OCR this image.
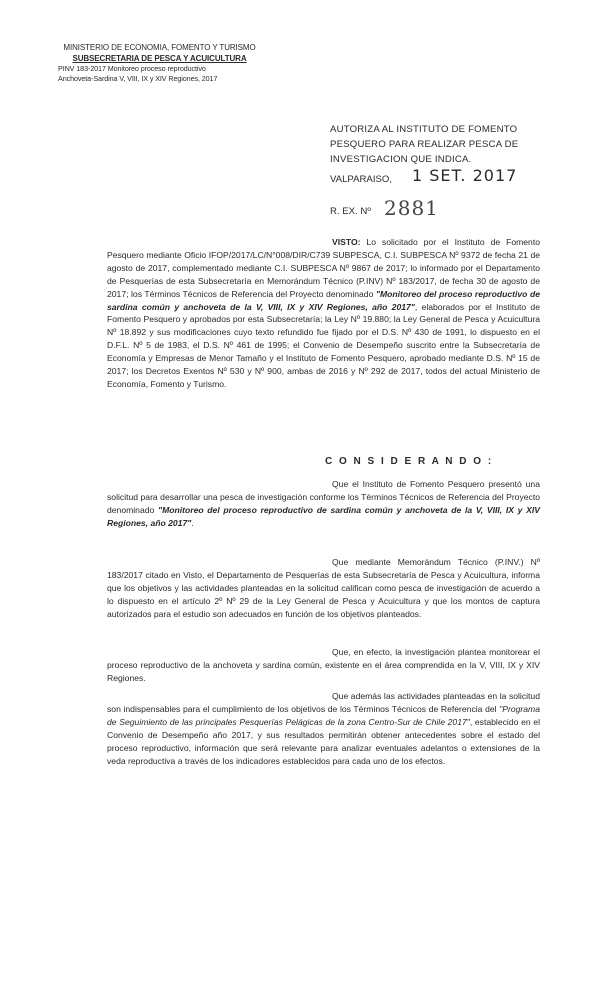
MINISTERIO DE ECONOMIA, FOMENTO Y TURISMO
SUBSECRETARIA DE PESCA Y ACUICULTURA
PINV 183-2017 Monitoreo proceso reproductivo
Anchoveta-Sardina V, VIII, IX y XIV Regiones, 2017
AUTORIZA AL INSTITUTO DE FOMENTO PESQUERO PARA REALIZAR PESCA DE INVESTIGACION QUE INDICA.
VALPARAISO, 1 SET. 2017
R. EX. Nº 2881

VISTO: Lo solicitado por el Instituto de Fomento Pesquero mediante Oficio IFOP/2017/LC/N°008/DIR/C739 SUBPESCA, C.I. SUBPESCA Nº 9372 de fecha 21 de agosto de 2017, complementado mediante C.I. SUBPESCA Nº 9867 de 2017; lo informado por el Departamento de Pesquerías de esta Subsecretaría en Memorándum Técnico (P.INV) Nº 183/2017, de fecha 30 de agosto de 2017; los Términos Técnicos de Referencia del Proyecto denominado "Monitoreo del proceso reproductivo de sardina común y anchoveta de la V, VIII, IX y XIV Regiones, año 2017", elaborados por el Instituto de Fomento Pesquero y aprobados por esta Subsecretaría; la Ley Nº 19.880; la Ley General de Pesca y Acuicultura Nº 18.892 y sus modificaciones cuyo texto refundido fue fijado por el D.S. Nº 430 de 1991, lo dispuesto en el D.F.L. Nº 5 de 1983, el D.S. Nº 461 de 1995; el Convenio de Desempeño suscrito entre la Subsecretaría de Economía y Empresas de Menor Tamaño y el Instituto de Fomento Pesquero, aprobado mediante D.S. Nº 15 de 2017; los Decretos Exentos Nº 530 y Nº 900, ambas de 2016 y Nº 292 de 2017, todos del actual Ministerio de Economía, Fomento y Turismo.

C O N S I D E R A N D O :

Que el Instituto de Fomento Pesquero presentó una solicitud para desarrollar una pesca de investigación conforme los Términos Técnicos de Referencia del Proyecto denominado "Monitoreo del proceso reproductivo de sardina común y anchoveta de la V, VIII, IX y XIV Regiones, año 2017".

Que mediante Memorándum Técnico (P.INV.) Nº 183/2017 citado en Visto, el Departamento de Pesquerías de esta Subsecretaría de Pesca y Acuicultura, informa que los objetivos y las actividades planteadas en la solicitud califican como pesca de investigación de acuerdo a lo dispuesto en el artículo 2º Nº 29 de la Ley General de Pesca y Acuicultura y que los montos de captura autorizados para el estudio son adecuados en función de los objetivos planteados.

Que, en efecto, la investigación plantea monitorear el proceso reproductivo de la anchoveta y sardina común, existente en el área comprendida en la V, VIII, IX y XIV Regiones.

Que además las actividades planteadas en la solicitud son indispensables para el cumplimiento de los objetivos de los Términos Técnicos de Referencia del "Programa de Seguimiento de las principales Pesquerías Pelágicas de la zona Centro-Sur de Chile 2017", establecido en el Convenio de Desempeño año 2017, y sus resultados permitirán obtener antecedentes sobre el estado del proceso reproductivo, información que será relevante para analizar eventuales adelantos o extensiones de la veda reproductiva a través de los indicadores establecidos para cada uno de los efectos.
